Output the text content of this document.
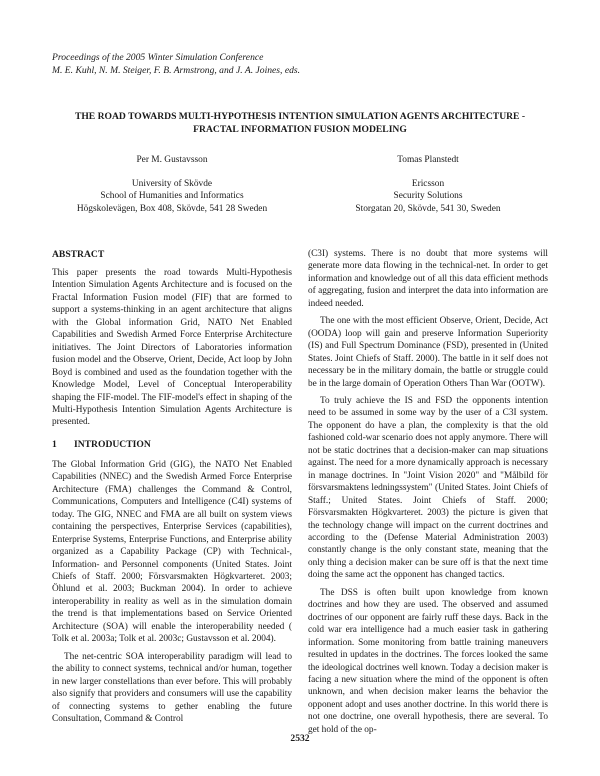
Proceedings of the 2005 Winter Simulation Conference
M. E. Kuhl, N. M. Steiger, F. B. Armstrong, and J. A. Joines, eds.
THE ROAD TOWARDS MULTI-HYPOTHESIS INTENTION SIMULATION AGENTS ARCHITECTURE -
FRACTAL INFORMATION FUSION MODELING
Per M. Gustavsson
University of Skövde
School of Humanities and Informatics
Högskolevägen, Box 408, Skövde, 541 28 Sweden
Tomas Planstedt
Ericsson
Security Solutions
Storgatan 20, Skövde, 541 30, Sweden
ABSTRACT

This paper presents the road towards Multi-Hypothesis Intention Simulation Agents Architecture and is focused on the Fractal Information Fusion model (FIF) that are formed to support a systems-thinking in an agent architecture that aligns with the Global information Grid, NATO Net Enabled Capabilities and Swedish Armed Force Enterprise Architecture initiatives. The Joint Directors of Laboratories information fusion model and the Observe, Orient, Decide, Act loop by John Boyd is combined and used as the foundation together with the Knowledge Model, Level of Conceptual Interoperability shaping the FIF-model. The FIF-model's effect in shaping of the Multi-Hypothesis Intention Simulation Agents Architecture is presented.

1 INTRODUCTION

The Global Information Grid (GIG), the NATO Net Enabled Capabilities (NNEC) and the Swedish Armed Force Enterprise Architecture (FMA) challenges the Command & Control, Communications, Computers and Intelligence (C4I) systems of today. The GIG, NNEC and FMA are all built on system views containing the perspectives, Enterprise Services (capabilities), Enterprise Systems, Enterprise Functions, and Enterprise ability organized as a Capability Package (CP) with Technical-, Information- and Personnel components (United States. Joint Chiefs of Staff. 2000; Försvarsmakten Högkvarteret. 2003; Öhlund et al. 2003; Buckman 2004). In order to achieve interoperability in reality as well as in the simulation domain the trend is that implementations based on Service Oriented Architecture (SOA) will enable the interoperability needed ( Tolk et al. 2003a; Tolk et al. 2003c; Gustavsson et al. 2004).

The net-centric SOA interoperability paradigm will lead to the ability to connect systems, technical and/or human, together in new larger constellations than ever before. This will probably also signify that providers and consumers will use the capability of connecting systems to gether enabling the future Consultation, Command & Control

(C3I) systems. There is no doubt that more systems will generate more data flowing in the technical-net. In order to get information and knowledge out of all this data efficient methods of aggregating, fusion and interpret the data into information are indeed needed.

The one with the most efficient Observe, Orient, Decide, Act (OODA) loop will gain and preserve Information Superiority (IS) and Full Spectrum Dominance (FSD), presented in (United States. Joint Chiefs of Staff. 2000). The battle in it self does not necessary be in the military domain, the battle or struggle could be in the large domain of Operation Others Than War (OOTW).

To truly achieve the IS and FSD the opponents intention need to be assumed in some way by the user of a C3I system. The opponent do have a plan, the complexity is that the old fashioned cold-war scenario does not apply anymore. There will not be static doctrines that a decision-maker can map situations against. The need for a more dynamically approach is necessary in manage doctrines. In "Joint Vision 2020" and "Målbild för försvarsmaktens ledningssystem" (United States. Joint Chiefs of Staff.; United States. Joint Chiefs of Staff. 2000; Försvarsmakten Högkvarteret. 2003) the picture is given that the technology change will impact on the current doctrines and according to the (Defense Material Administration 2003) constantly change is the only constant state, meaning that the only thing a decision maker can be sure off is that the next time doing the same act the opponent has changed tactics.

The DSS is often built upon knowledge from known doctrines and how they are used. The observed and assumed doctrines of our opponent are fairly ruff these days. Back in the cold war era intelligence had a much easier task in gathering information. Some monitoring from battle training maneuvers resulted in updates in the doctrines. The forces looked the same the ideological doctrines well known. Today a decision maker is facing a new situation where the mind of the opponent is often unknown, and when decision maker learns the behavior the opponent adopt and uses another doctrine. In this world there is not one doctrine, one overall hypothesis, there are several. To get hold of the op-

2532
